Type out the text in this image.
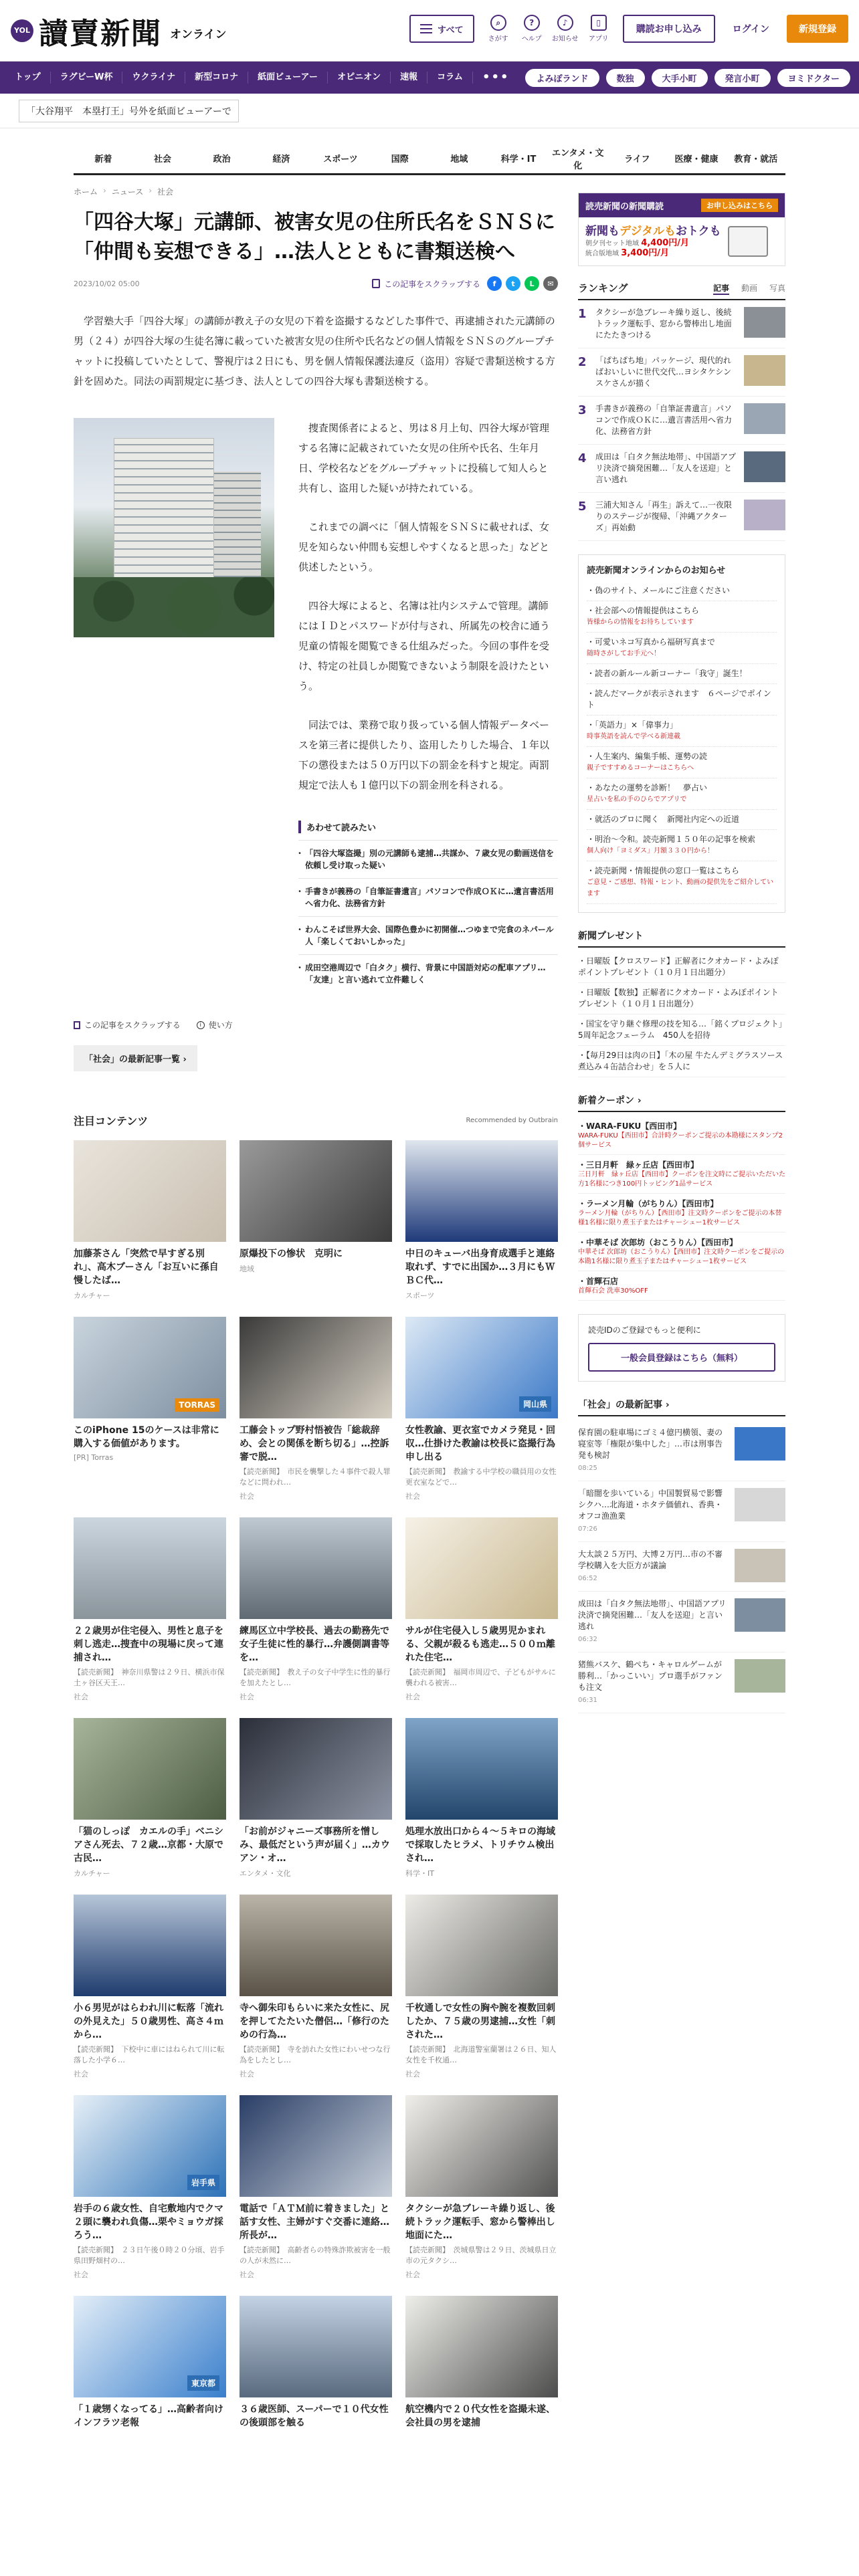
YOL 讀賣新聞 オンライン	すべて
⌕
さがす
?
ヘルプ
♪
お知らせ
▯
アプリ
購読お申し込み	ログイン	新規登録
トップ	ラグビーW杯	ウクライナ	新型コロナ	紙面ビューアー	オピニオン	速報	コラム	•••	よみぽランド	数独	大手小町	発言小町	ヨミドクター
「大谷翔平　本塁打王」号外を紙面ビューアーで
新着	社会	政治	経済	スポーツ	国際	地域	科学・IT
エンタメ・文化
ライフ	医療・健康	教育・就活
ホーム › ニュース › 社会
「四谷大塚」元講師、被害女児の住所氏名をＳＮＳに「仲間も妄想できる」…法人とともに書類送検へ
2023/10/02 05:00	この記事をスクラップする	f	t	L	✉

学習塾大手「四谷大塚」の講師が教え子の女児の下着を盗撮するなどした事件で、再逮捕された元講師の男（２４）が四谷大塚の生徒名簿に載っていた被害女児の住所や氏名などの個人情報をＳＮＳのグループチャットに投稿していたとして、警視庁は２日にも、男を個人情報保護法違反（盗用）容疑で書類送検する方針を固めた。同法の両罰規定に基づき、法人としての四谷大塚も書類送検する。

捜査関係者によると、男は８月上旬、四谷大塚が管理する名簿に記載されていた女児の住所や氏名、生年月日、学校名などをグループチャットに投稿して知人らと共有し、盗用した疑いが持たれている。

これまでの調べに「個人情報をＳＮＳに載せれば、女児を知らない仲間も妄想しやすくなると思った」などと供述したという。

四谷大塚によると、名簿は社内システムで管理。講師にはＩＤとパスワードが付与され、所属先の校舎に通う児童の情報を閲覧できる仕組みだった。今回の事件を受け、特定の社員しか閲覧できないよう制限を設けたという。

同法では、業務で取り扱っている個人情報データベースを第三者に提供したり、盗用したりした場合、１年以下の懲役または５０万円以下の罰金を科すと規定。両罰規定で法人も１億円以下の罰金刑を科される。

あわせて読みたい
・ 「四谷大塚盗撮」別の元講師も逮捕…共謀か、７歳女児の動画送信を依頼し受け取った疑い
・ 手書きが義務の「自筆証書遺言」パソコンで作成ＯＫに…遺言書活用へ省力化、法務省方針
・ わんこそば世界大会、国際色豊かに初開催…つゆまで完食のネパール人「楽しくておいしかった」
・ 成田空港周辺で「白タク」横行、背景に中国語対応の配車アプリ…「友達」と言い逃れて立件難しく
この記事をスクラップする	i 使い方
「社会」の最新記事一覧 ›
注目コンテンツ	Recommended by Outbrain
加藤茶さん「突然で早すぎる別れ」、高木ブーさん「お互いに孫自慢したば…
カルチャー
原爆投下の惨状　克明に
地域
中日のキューバ出身育成選手と連絡取れず、すでに出国か…３月にもＷＢＣ代…
スポーツ
TORRAS
このiPhone 15のケースは非常に購入する価値があります。
[PR] Torras
工藤会トップ野村悟被告「総裁辞め、会との関係を断ち切る」…控訴審で脱…
【読売新聞】　市民を襲撃した４事件で殺人罪などに問われ…
社会
岡山県
女性教諭、更衣室でカメラ発見・回収…仕掛けた教諭は校長に盗撮行為申し出る
【読売新聞】　教諭する中学校の職員用の女性更衣室などで…
社会
２２歳男が住宅侵入、男性と息子を刺し逃走…捜査中の現場に戻って連捕され…
【読売新聞】　神奈川県警は２９日、横浜市保土ヶ谷区天王…
社会
練馬区立中学校長、過去の勤務先で女子生徒に性的暴行…弁護側調書等を…
【読売新聞】　教え子の女子中学生に性的暴行を加えたとし…
社会
サルが住宅侵入し５歳男児かまれる、父親が殺るも逃走…５００ｍ離れた住宅…
【読売新聞】　福岡市周辺で、子どもがサルに襲われる被害…
社会
「猫のしっぽ　カエルの手」ベニシアさん死去、７２歳…京都・大原で古民…
カルチャー
「お前がジャニーズ事務所を憎しみ、最低だという声が届く」…カウアン・オ…
エンタメ・文化
処理水放出口から４～５キロの海域で採取したヒラメ、トリチウム検出され…
科学・IT
小６男児がはらわれ川に転落「流れの外見えた」５０歳男性、高さ４ｍから…
【読売新聞】　下校中に車にはねられて川に転落した小学６…
社会
寺へ御朱印もらいに来た女性に、尻を押してたたいた僧侶…「修行のための行為…
【読売新聞】　寺を訪れた女性にわいせつな行為をしたとし…
社会
千枚通しで女性の胸や腕を複数回刺したか、７５歳の男逮捕…女性「刺された…
【読売新聞】　北海道警室蘭署は２６日、知人女性を千枚通…
社会
岩手県
岩手の６歳女性、自宅敷地内でクマ２頭に襲われ負傷…栗やミョウガ採ろう…
【読売新聞】　２３日午後０時２０分頃、岩手県田野畑村の…
社会
電話で「ＡＴＭ前に着きました」と話す女性、主婦がすぐ交番に連絡…所長が…
【読売新聞】　高齢者らの特殊詐欺被害を一般の人が未然に…
社会
タクシーが急ブレーキ繰り返し、後続トラック運転手、窓から警棒出し地面にた…
【読売新聞】　茨城県警は２９日、茨城県日立市の元タクシ…
社会
東京都
「１歳甥くなってる」…高齢者向けインフラツ老報
３６歳医師、スーパーで１０代女性の後頭部を触る
航空機内で２０代女性を盗撮未遂、会社員の男を逮捕
読売新聞の新聞購読	お申し込みはこちら
新聞もデジタルもおトクも
朝夕刊セット地域 4,400円/月
統合版地域 3,400円/月
ランキング	記事 動画 写真
1	タクシーが急ブレーキ繰り返し、後続トラック運転手、窓から警棒出し地面にたたきつける
2	「ぱちぱち地」パッケージ、現代的ればおいしいに世代交代…ヨシタケシンスケさんが描く
3	手書きが義務の「自筆証書遺言」パソコンで作成ＯＫに…遺言書活用へ省力化、法務省方針
4	成田は「白タク無法地帯」、中国語アプリ決済で摘発困難…「友人を送迎」と言い逃れ
5	三浦大知さん「再生」訴えて…一夜限りのステージが復帰、「沖縄アクターズ」再始動
読売新聞オンラインからのお知らせ
・偽のサイト、メールにご注意ください
・社会部への情報提供はこちら
皆様からの情報をお待ちしています
・可愛いネコ写真から福研写真まで
随時さがしてお手元へ！
・読者の新ルール新コーナー「我守」誕生！
・読んだマークが表示されます　６ページでポイント
・「英語力」×「偉事力」
時事英語を読んで学べる新連載
・人生案内、編集手帳、運勢の読
親子ですすめるコーナーはこちらへ
・あなたの運勢を診断！　夢占い
星占いを私の手のひらでアプリで
・就活のプロに聞く　新聞社内定への近道
・明治〜令和。読売新聞１５０年の記事を検索
個人向け「ヨミダス」月額３３０円から！
・読売新聞・情報提供の窓口一覧はこちら
ご意見・ご感想、特報・ヒント、動画の提供先をご紹介しています
新聞プレゼント
・日曜版【クロスワード】正解者にクオカード・よみぽポイントプレゼント（１０月１日出題分）
・日曜版【数独】正解者にクオカード・よみぽポイントプレゼント（１０月１日出題分）
・国宝を守り継ぐ修理の技を知る…「銘くプロジェクト」5周年記念フェーラム　450人を招待
・【毎月29日は肉の日】「木の屋 牛たんデミグラスソース煮込み４缶詰合わせ」を５人に
新着クーポン ›
・WARA-FUKU【西田市】
WARA-FUKU【西田市】合計時クーポンご提示の本勘様にスタンプ2個サービス
・三日月軒　緑ヶ丘店【西田市】
三日月軒　緑ヶ丘店【西田市】クーポンを注文時にご提示いただいた方1名様につき100円トッピング1品サービス
・ラーメン月輪（がちりん）【西田市】
ラーメン月輪（がちりん）【西田市】注文時クーポンをご提示の本替様1名様に限り煮玉子またはチャーシュー1枚サービス
・中華そば 次郎坊（おこうりん）【西田市】
中華そば 次郎坊（おこうりん）【西田市】注文時クーポンをご提示の本勘1名様に限り煮玉子またはチャーシュー1枚サービス
・首輝石店
首輝石会 洗車30%OFF

読売IDのご登録でもっと便利に

一般会員登録はこちら（無料）
「社会」の最新記事 ›
保育園の駐車場にゴミ４億円横領、妻の寝室等「権限が集中した」…市は刑事告発も検討
08:25
「暗闇を歩いている」中国製貿易で影響シクハ…北海道・ホタテ価値れ、香典・オフコ漁漁業
07:26
大太談２５万円、大博２万円…市の不審学校購入を大臣方が議論
06:52
成田は「白タク無法地帯」、中国語アプリ決済で摘発困難…「友人を送迎」と言い逃れ
06:32
猪熊バスケ、鶴ぺち・キャロルゲームが勝利…「かっこいい」プロ選手がファンも注文
06:31
